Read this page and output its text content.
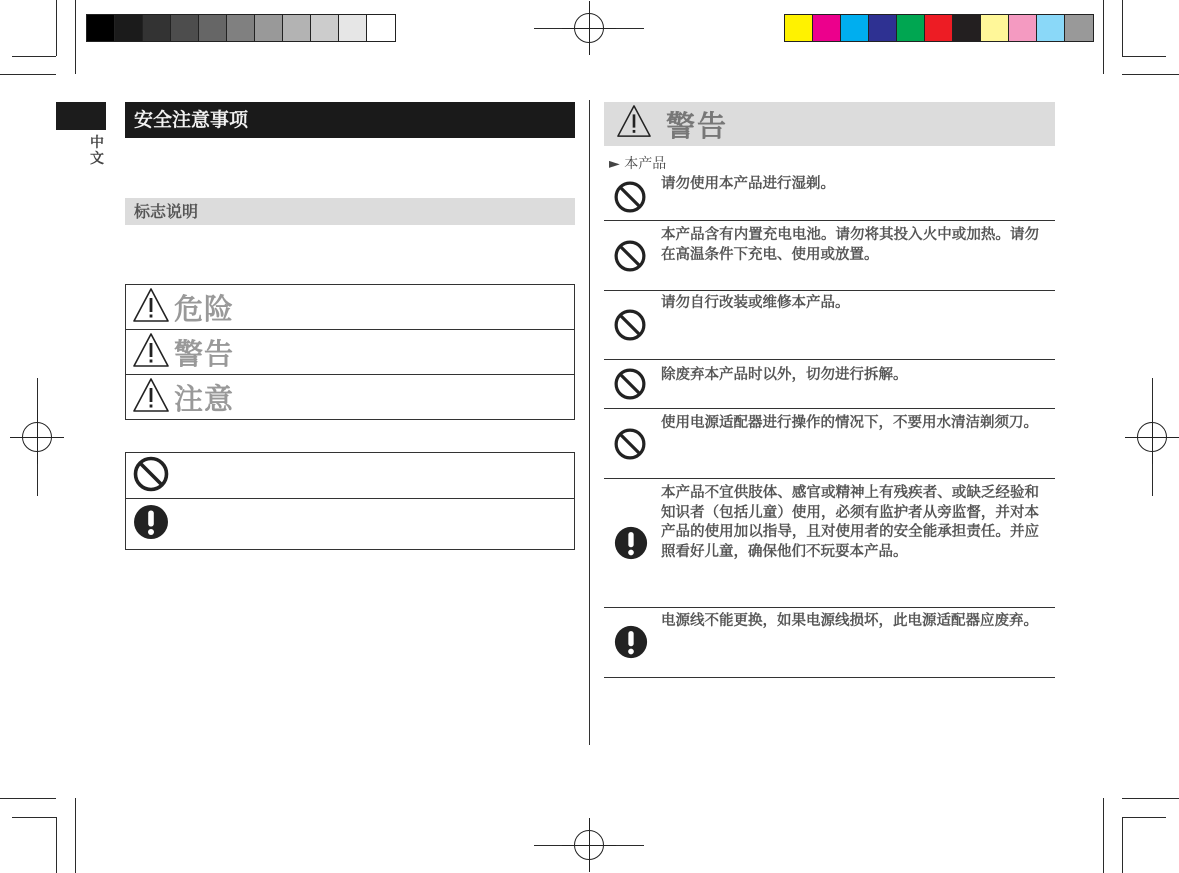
中文
安全注意事项
标志说明
危险
警告
注意
警告
► 本产品
请勿使用本产品进行湿剃。
本产品含有内置充电电池。请勿将其投入火中或加热。请勿在高温条件下充电、使用或放置。
请勿自行改装或维修本产品。
除废弃本产品时以外，切勿进行拆解。
使用电源适配器进行操作的情况下，不要用水清洁剃须刀。
本产品不宜供肢体、感官或精神上有残疾者、或缺乏经验和知识者（包括儿童）使用，必须有监护者从旁监督，并对本产品的使用加以指导，且对使用者的安全能承担责任。并应照看好儿童，确保他们不玩耍本产品。
电源线不能更换，如果电源线损坏，此电源适配器应废弃。
